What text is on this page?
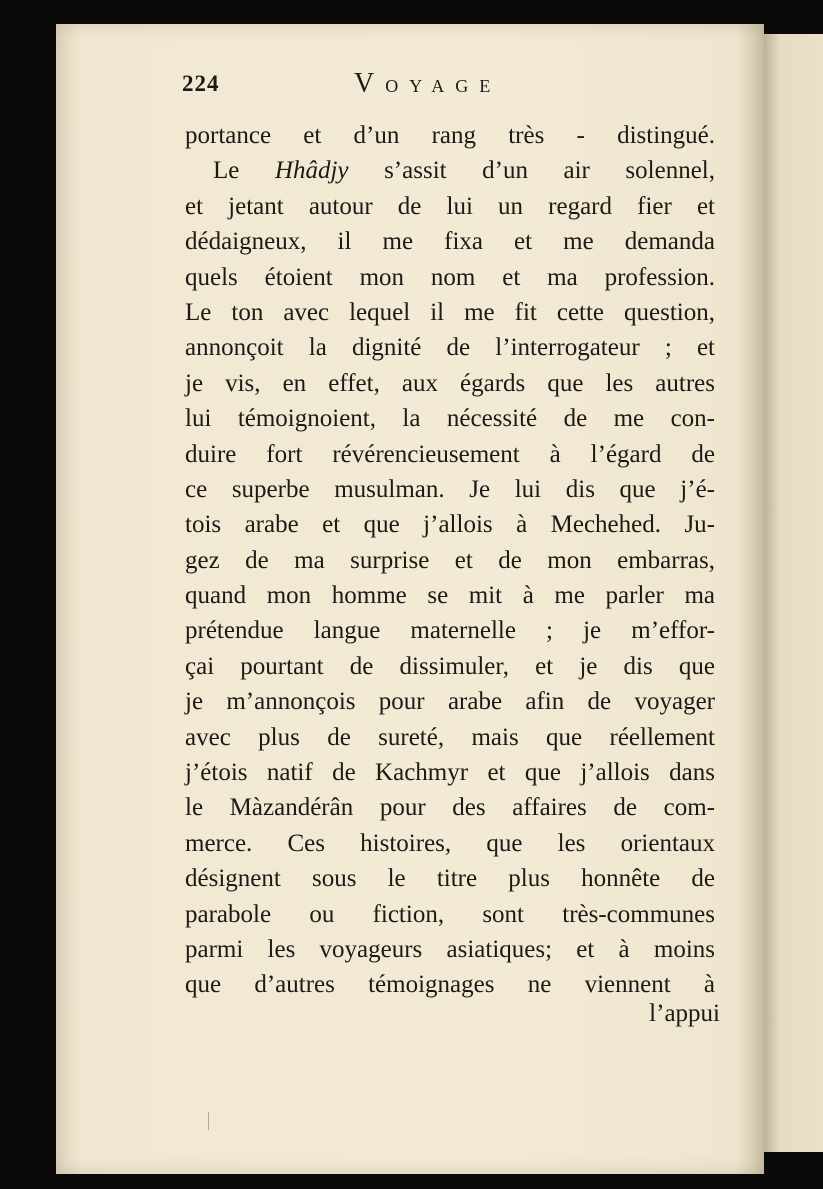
224	VOYAGE
portance et d’un rang très - distingué.
Le Hhâdjy s’assit d’un air solennel,
et jetant autour de lui un regard fier et
dédaigneux, il me fixa et me demanda
quels étoient mon nom et ma profession.
Le ton avec lequel il me fit cette question,
annonçoit la dignité de l’interrogateur ; et
je vis, en effet, aux égards que les autres
lui témoignoient, la nécessité de me con-
duire fort révérencieusement à l’égard de
ce superbe musulman. Je lui dis que j’é-
tois arabe et que j’allois à Mechehed. Ju-
gez de ma surprise et de mon embarras,
quand mon homme se mit à me parler ma
prétendue langue maternelle ; je m’effor-
çai pourtant de dissimuler, et je dis que
je m’annonçois pour arabe afin de voyager
avec plus de sureté, mais que réellement
j’étois natif de Kachmyr et que j’allois dans
le Màzandérân pour des affaires de com-
merce. Ces histoires, que les orientaux
désignent sous le titre plus honnête de
parabole ou fiction, sont très-communes
parmi les voyageurs asiatiques; et à moins
que d’autres témoignages ne viennent à
l’appui
